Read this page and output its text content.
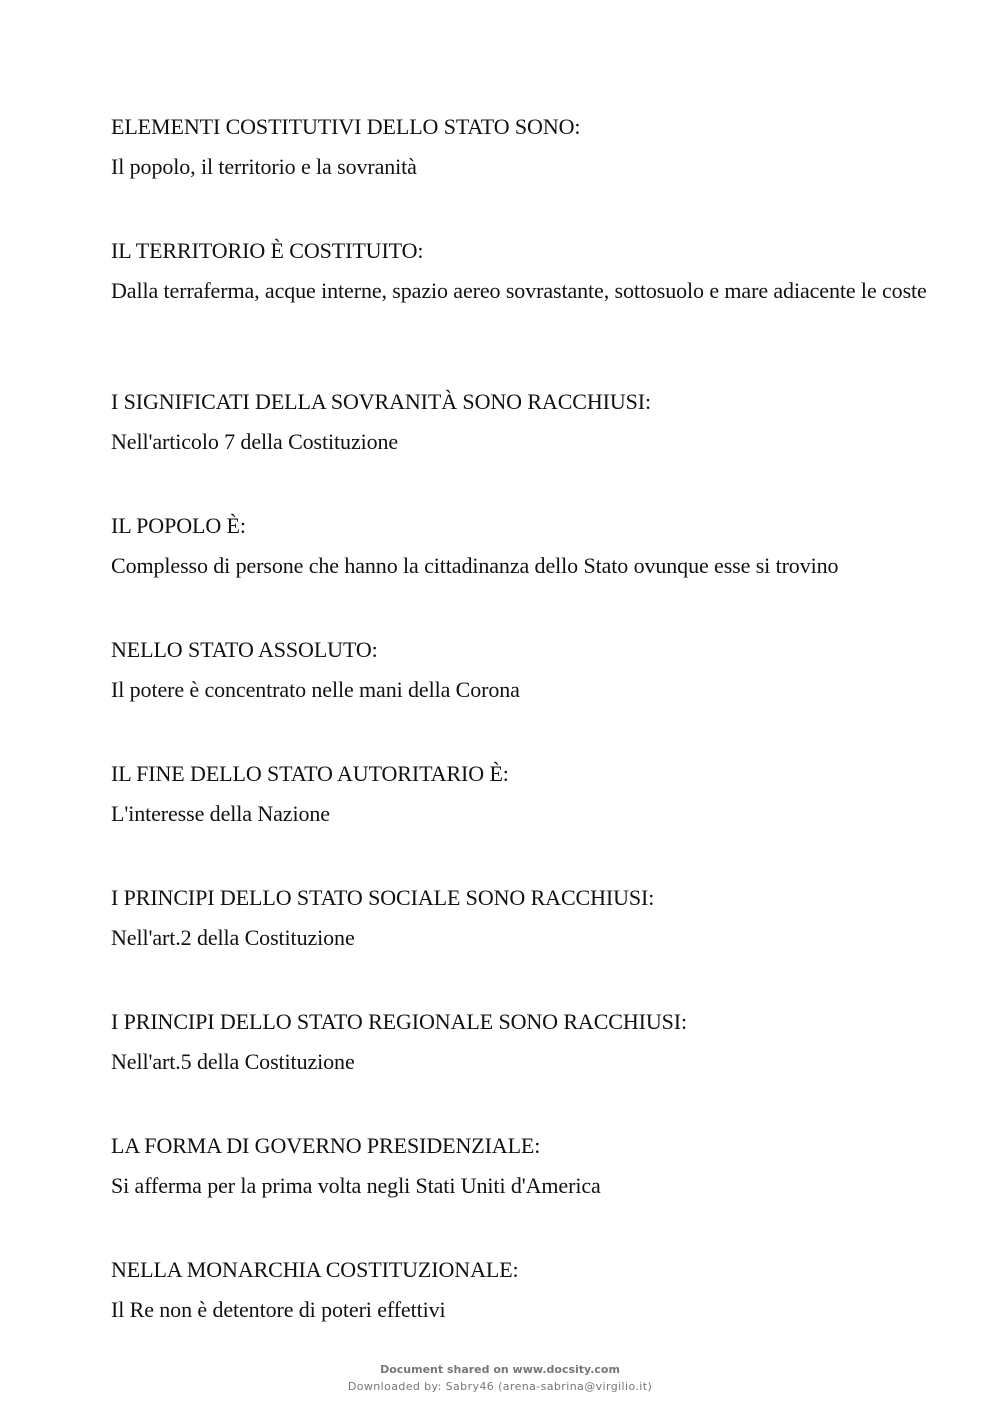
ELEMENTI COSTITUTIVI DELLO STATO SONO:

Il popolo, il territorio e la sovranità

IL TERRITORIO È COSTITUITO:

Dalla terraferma, acque interne, spazio aereo sovrastante, sottosuolo e mare adiacente le coste

I SIGNIFICATI DELLA SOVRANITÀ SONO RACCHIUSI:

Nell'articolo 7 della Costituzione

IL POPOLO È:

Complesso di persone che hanno la cittadinanza dello Stato ovunque esse si trovino

NELLO STATO ASSOLUTO:

Il potere è concentrato nelle mani della Corona

IL FINE DELLO STATO AUTORITARIO È:

L'interesse della Nazione

I PRINCIPI DELLO STATO SOCIALE SONO RACCHIUSI:

Nell'art.2 della Costituzione

I PRINCIPI DELLO STATO REGIONALE SONO RACCHIUSI:

Nell'art.5 della Costituzione

LA FORMA DI GOVERNO PRESIDENZIALE:

Si afferma per la prima volta negli Stati Uniti d'America

NELLA MONARCHIA COSTITUZIONALE:

Il Re non è detentore di poteri effettivi

Document shared on www.docsity.com
Downloaded by: Sabry46 (arena-sabrina@virgilio.it)
